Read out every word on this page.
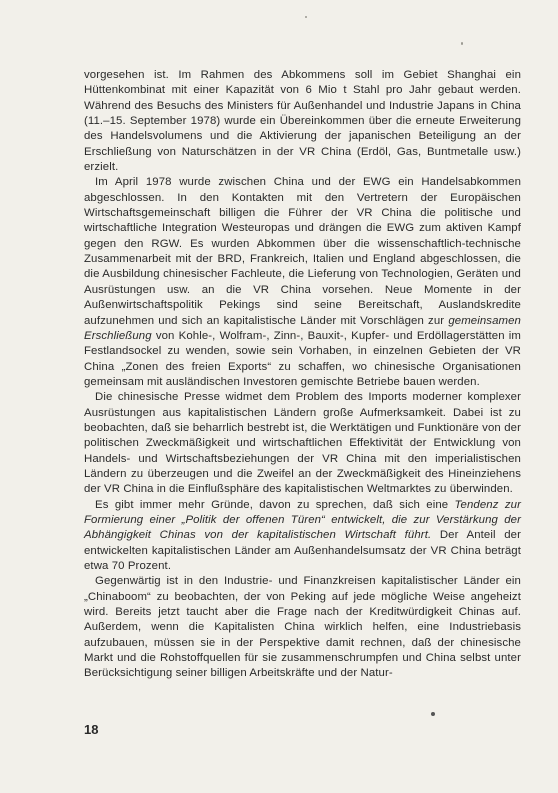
vorgesehen ist. Im Rahmen des Abkommens soll im Gebiet Shanghai ein Hüttenkombinat mit einer Kapazität von 6 Mio t Stahl pro Jahr gebaut werden. Während des Besuchs des Ministers für Außenhandel und Industrie Japans in China (11.–15. September 1978) wurde ein Übereinkommen über die erneute Erweiterung des Handelsvolumens und die Aktivierung der japanischen Beteiligung an der Erschließung von Naturschätzen in der VR China (Erdöl, Gas, Buntmetalle usw.) erzielt.

Im April 1978 wurde zwischen China und der EWG ein Handelsabkommen abgeschlossen. In den Kontakten mit den Vertretern der Europäischen Wirtschaftsgemeinschaft billigen die Führer der VR China die politische und wirtschaftliche Integration Westeuropas und drängen die EWG zum aktiven Kampf gegen den RGW. Es wurden Abkommen über die wissenschaftlich-technische Zusammenarbeit mit der BRD, Frankreich, Italien und England abgeschlossen, die die Ausbildung chinesischer Fachleute, die Lieferung von Technologien, Geräten und Ausrüstungen usw. an die VR China vorsehen. Neue Momente in der Außenwirtschaftspolitik Pekings sind seine Bereitschaft, Auslandskredite aufzunehmen und sich an kapitalistische Länder mit Vorschlägen zur gemeinsamen Erschließung von Kohle-, Wolfram-, Zinn-, Bauxit-, Kupfer- und Erdöllagerstätten im Festlandsockel zu wenden, sowie sein Vorhaben, in einzelnen Gebieten der VR China „Zonen des freien Exports“ zu schaffen, wo chinesische Organisationen gemeinsam mit ausländischen Investoren gemischte Betriebe bauen werden.

Die chinesische Presse widmet dem Problem des Imports moderner komplexer Ausrüstungen aus kapitalistischen Ländern große Aufmerksamkeit. Dabei ist zu beobachten, daß sie beharrlich bestrebt ist, die Werktätigen und Funktionäre von der politischen Zweckmäßigkeit und wirtschaftlichen Effektivität der Entwicklung von Handels- und Wirtschaftsbeziehungen der VR China mit den imperialistischen Ländern zu überzeugen und die Zweifel an der Zweckmäßigkeit des Hineinziehens der VR China in die Einflußsphäre des kapitalistischen Weltmarktes zu überwinden.

Es gibt immer mehr Gründe, davon zu sprechen, daß sich eine Tendenz zur Formierung einer „Politik der offenen Türen“ entwickelt, die zur Verstärkung der Abhängigkeit Chinas von der kapitalistischen Wirtschaft führt. Der Anteil der entwickelten kapitalistischen Länder am Außenhandelsumsatz der VR China beträgt etwa 70 Prozent.

Gegenwärtig ist in den Industrie- und Finanzkreisen kapitalistischer Länder ein „Chinaboom“ zu beobachten, der von Peking auf jede mögliche Weise angeheizt wird. Bereits jetzt taucht aber die Frage nach der Kreditwürdigkeit Chinas auf. Außerdem, wenn die Kapitalisten China wirklich helfen, eine Industriebasis aufzubauen, müssen sie in der Perspektive damit rechnen, daß der chinesische Markt und die Rohstoffquellen für sie zusammenschrumpfen und China selbst unter Berücksichtigung seiner billigen Arbeitskräfte und der Natur-

18
